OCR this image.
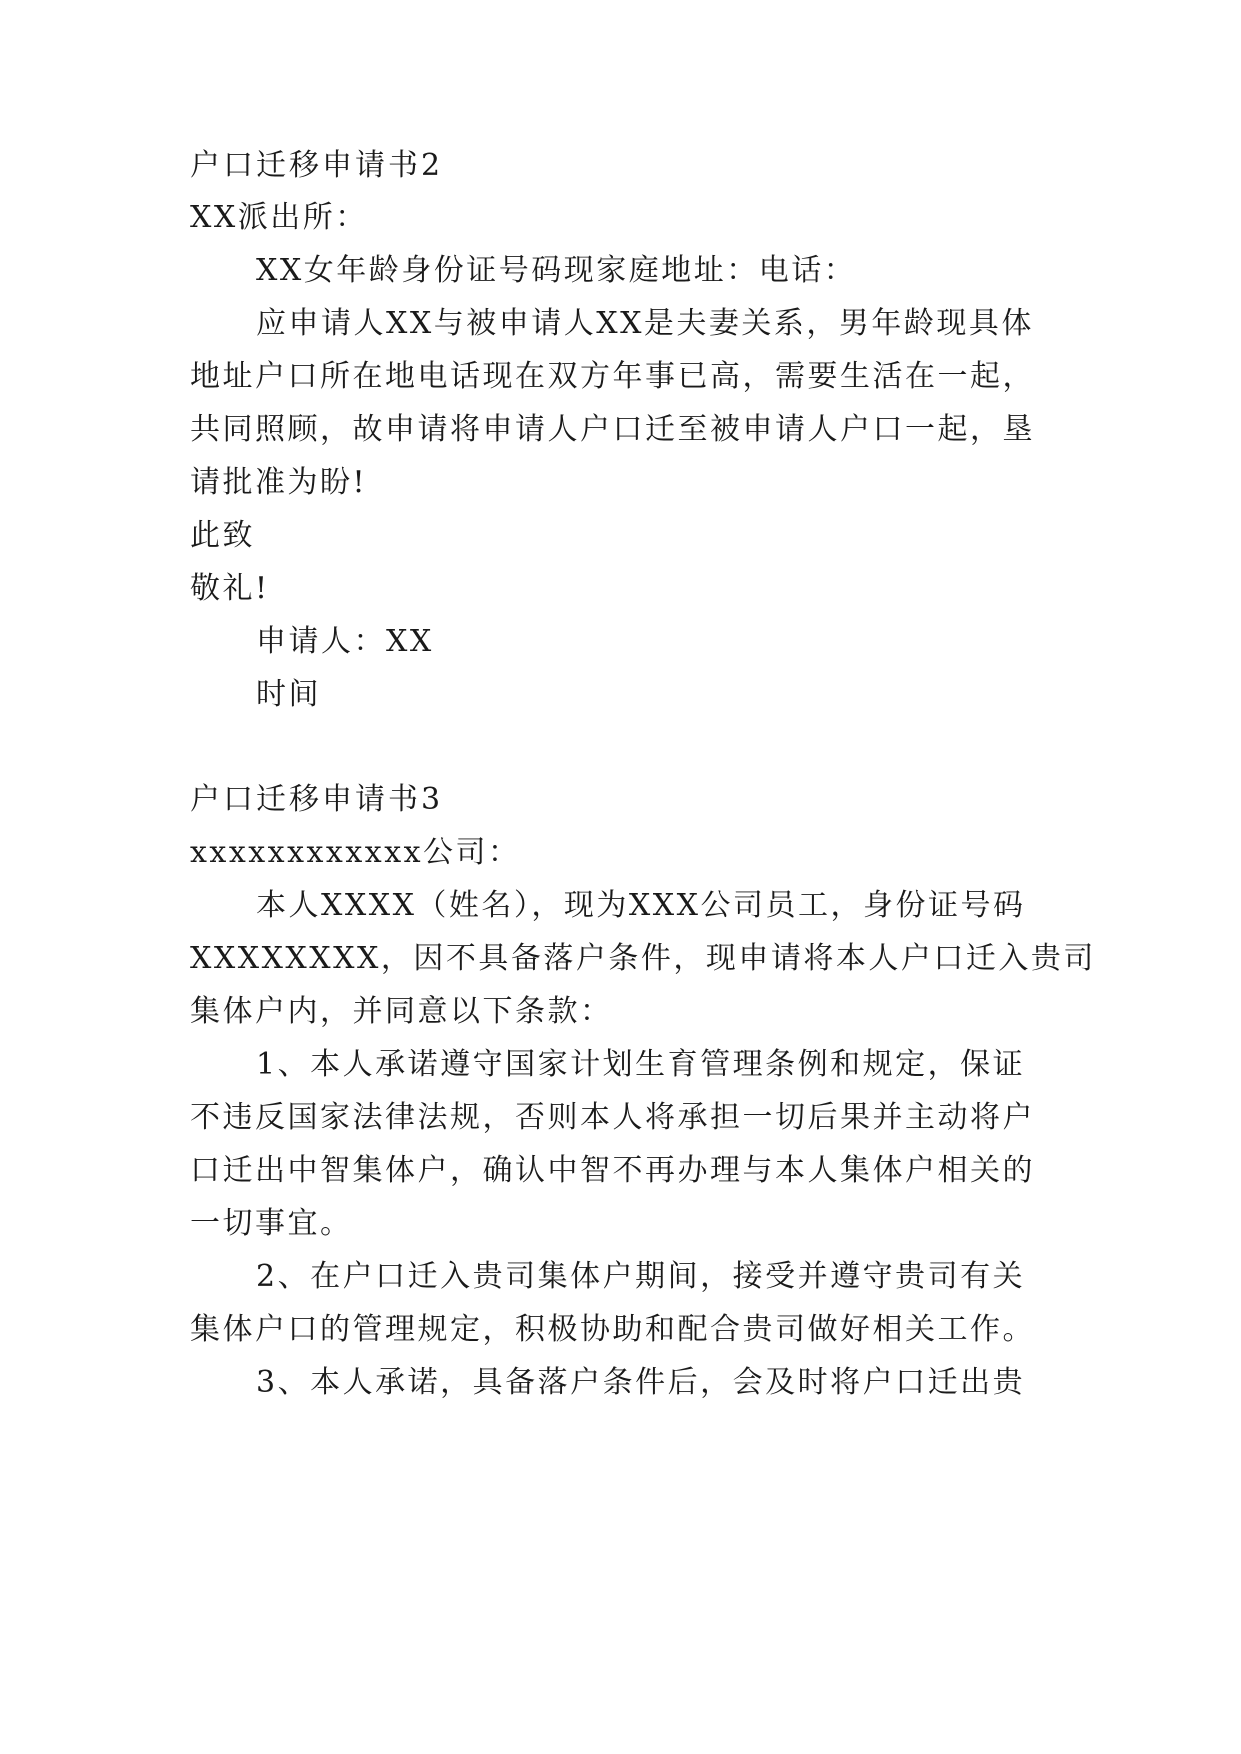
户口迁移申请书2
XX派出所：
XX女年龄身份证号码现家庭地址：电话：
应申请人XX与被申请人XX是夫妻关系，男年龄现具体
地址户口所在地电话现在双方年事已高，需要生活在一起，
共同照顾，故申请将申请人户口迁至被申请人户口一起，垦
请批准为盼!
此致
敬礼!
申请人：XX
时间
户口迁移申请书3
xxxxxxxxxxxx公司：
本人XXXX（姓名），现为XXX公司员工，身份证号码
XXXXXXXX，因不具备落户条件，现申请将本人户口迁入贵司
集体户内，并同意以下条款：
1、本人承诺遵守国家计划生育管理条例和规定，保证
不违反国家法律法规，否则本人将承担一切后果并主动将户
口迁出中智集体户，确认中智不再办理与本人集体户相关的
一切事宜。
2、在户口迁入贵司集体户期间，接受并遵守贵司有关
集体户口的管理规定，积极协助和配合贵司做好相关工作。
3、本人承诺，具备落户条件后，会及时将户口迁出贵
